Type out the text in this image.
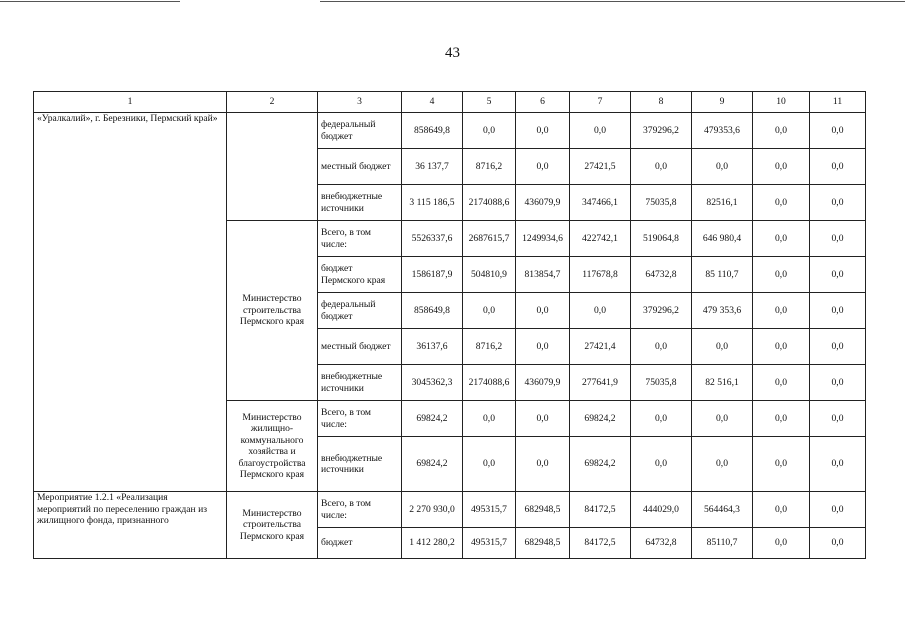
43
1	2	3	4	5	6	7	8	9	10	11
«Уралкалий», г. Березники, Пермский край»		федеральный бюджет	858649,8	0,0	0,0	0,0	379296,2	479353,6	0,0	0,0
		местный бюджет	36 137,7	8716,2	0,0	27421,5	0,0	0,0	0,0	0,0
		внебюджетные источники	3 115 186,5	2174088,6	436079,9	347466,1	75035,8	82516,1	0,0	0,0
	Министерство строительства Пермского края	Всего, в том числе:	5526337,6	2687615,7	1249934,6	422742,1	519064,8	646 980,4	0,0	0,0
		бюджет Пермского края	1586187,9	504810,9	813854,7	117678,8	64732,8	85 110,7	0,0	0,0
		федеральный бюджет	858649,8	0,0	0,0	0,0	379296,2	479 353,6	0,0	0,0
		местный бюджет	36137,6	8716,2	0,0	27421,4	0,0	0,0	0,0	0,0
		внебюджетные источники	3045362,3	2174088,6	436079,9	277641,9	75035,8	82 516,1	0,0	0,0
	Министерство жилищно-коммунального хозяйства и благоустройства Пермского края	Всего, в том числе:	69824,2	0,0	0,0	69824,2	0,0	0,0	0,0	0,0
		внебюджетные источники	69824,2	0,0	0,0	69824,2	0,0	0,0	0,0	0,0
Мероприятие 1.2.1 «Реализация мероприятий по переселению граждан из жилищного фонда, признанного	Министерство строительства Пермского края	Всего, в том числе:	2 270 930,0	495315,7	682948,5	84172,5	444029,0	564464,3	0,0	0,0
		бюджет	1 412 280,2	495315,7	682948,5	84172,5	64732,8	85110,7	0,0	0,0
